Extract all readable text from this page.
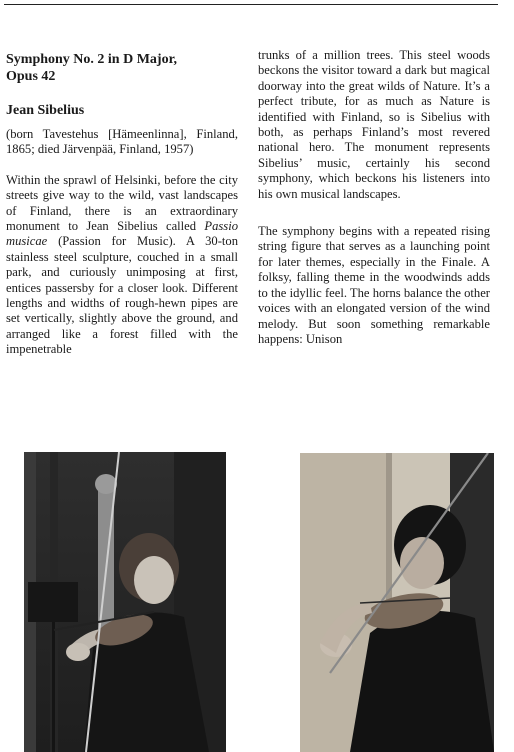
Symphony No. 2 in D Major,
Opus 42

Jean Sibelius

(born Tavestehus [Hämeenlinna], Finland, 1865; died Järvenpää, Finland, 1957)

Within the sprawl of Helsinki, before the city streets give way to the wild, vast landscapes of Finland, there is an extraordinary monument to Jean Sibelius called Passio musicae (Passion for Music). A 30-ton stainless steel sculpture, couched in a small park, and curiously unimposing at first, entices passersby for a closer look. Different lengths and widths of rough-hewn pipes are set vertically, slightly above the ground, and arranged like a forest filled with the impenetrable

trunks of a million trees. This steel woods beckons the visitor toward a dark but magical doorway into the great wilds of Nature. It’s a perfect tribute, for as much as Nature is identified with Finland, so is Sibelius with both, as perhaps Finland’s most revered national hero. The monument represents Sibelius’ music, certainly his second symphony, which beckons his listeners into his own musical landscapes.

The symphony begins with a repeated rising string figure that serves as a launching point for later themes, especially in the Finale. A folksy, falling theme in the woodwinds adds to the idyllic feel. The horns balance the other voices with an elongated version of the wind melody. But soon something remarkable happens: Unison
